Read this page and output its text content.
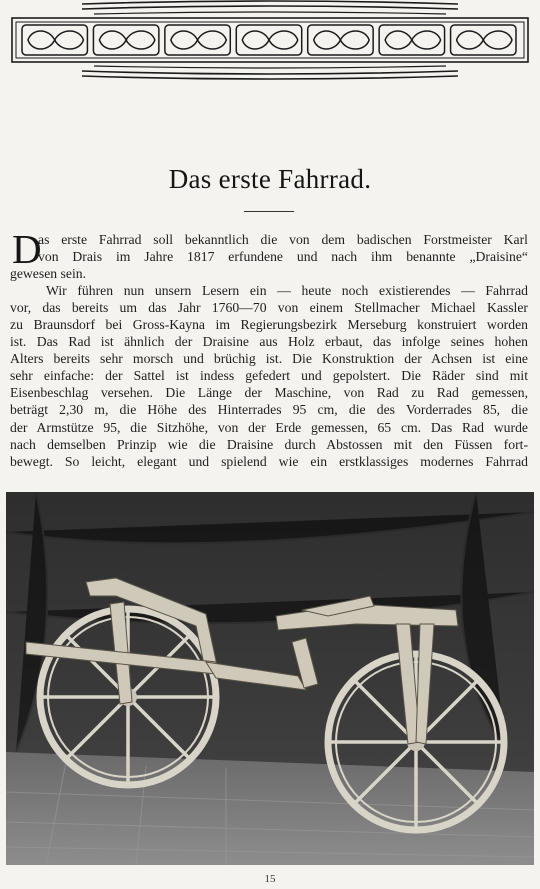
Das erste Fahrrad.
D
as erste Fahrrad soll bekanntlich die von dem badischen Forstmeister Karl
von Drais im Jahre 1817 erfundene und nach ihm benannte „Draisine“
gewesen sein.
Wir führen nun unsern Lesern ein — heute noch existierendes — Fahrrad
vor, das bereits um das Jahr 1760—70 von einem Stellmacher Michael Kassler
zu Braunsdorf bei Gross-Kayna im Regierungsbezirk Merseburg konstruiert worden
ist. Das Rad ist ähnlich der Draisine aus Holz erbaut, das infolge seines hohen
Alters bereits sehr morsch und brüchig ist. Die Konstruktion der Achsen ist eine
sehr einfache: der Sattel ist indess gefedert und gepolstert. Die Räder sind mit
Eisenbeschlag versehen. Die Länge der Maschine, von Rad zu Rad gemessen,
beträgt 2,30 m, die Höhe des Hinterrades 95 cm, die des Vorderrades 85, die
der Armstütze 95, die Sitzhöhe, von der Erde gemessen, 65 cm. Das Rad wurde
nach demselben Prinzip wie die Draisine durch Abstossen mit den Füssen fort-
bewegt. So leicht, elegant und spielend wie ein erstklassiges modernes Fahrrad
15
